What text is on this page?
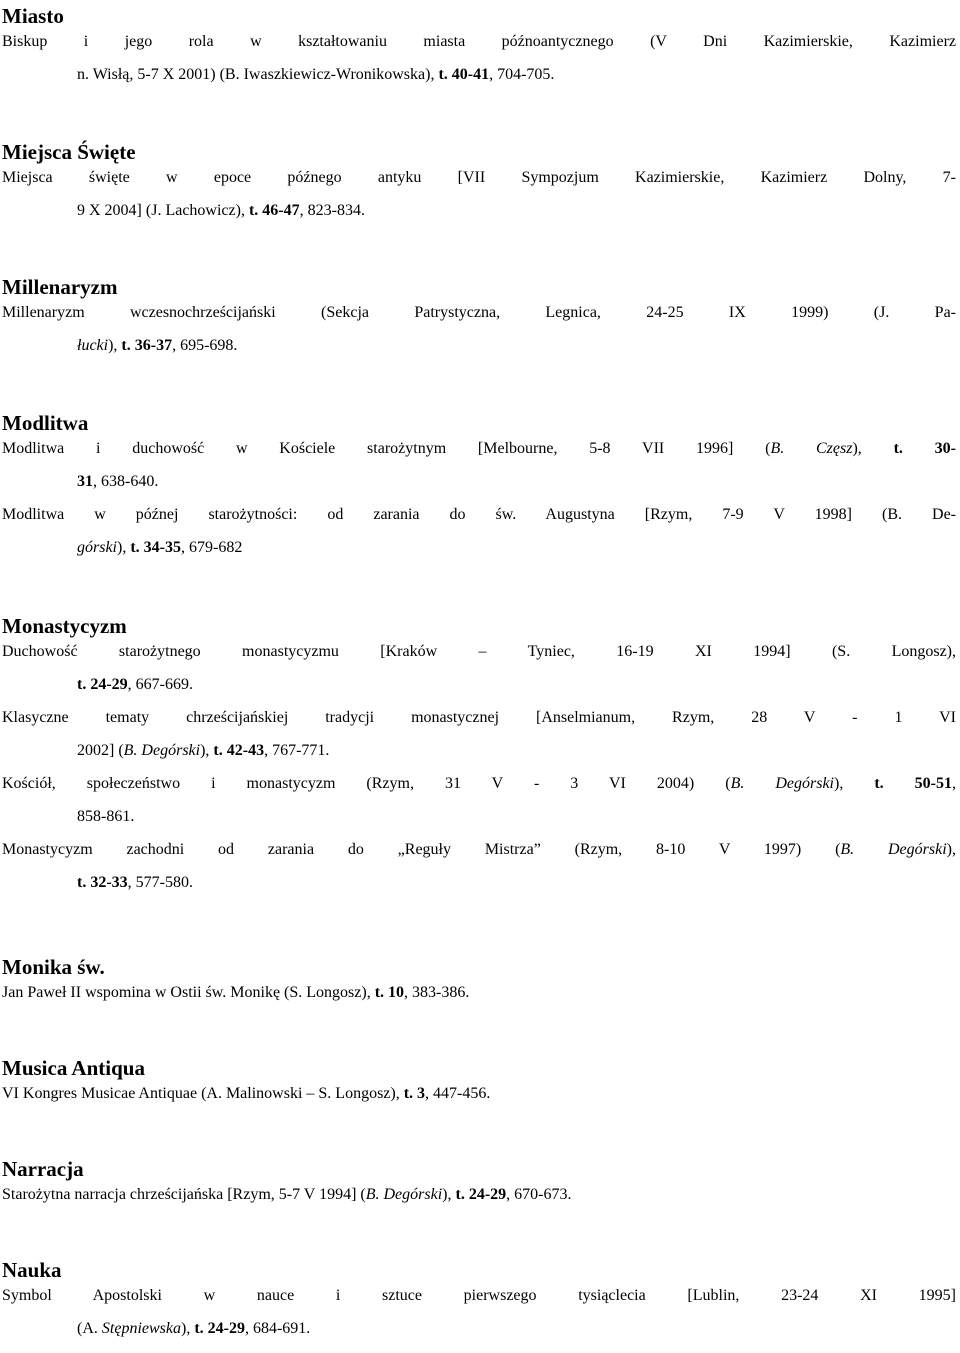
Miasto
Biskup i jego rola w kształtowaniu miasta późnoantycznego (V Dni Kazimierskie, Kazimierz
n. Wisłą, 5-7 X 2001) (B. Iwaszkiewicz-Wronikowska), t. 40-41, 704-705.
Miejsca Święte
Miejsca święte w epoce późnego antyku [VII Sympozjum Kazimierskie, Kazimierz Dolny, 7-
9 X 2004] (J. Lachowicz), t. 46-47, 823-834.
Millenaryzm
Millenaryzm wczesnochrześcijański (Sekcja Patrystyczna, Legnica, 24-25 IX 1999) (J. Pa-
łucki), t. 36-37, 695-698.
Modlitwa
Modlitwa i duchowość w Kościele starożytnym [Melbourne, 5-8 VII 1996] (B. Częsz), t. 30-
31, 638-640.
Modlitwa w późnej starożytności: od zarania do św. Augustyna [Rzym, 7-9 V 1998] (B. De-
górski), t. 34-35, 679-682
Monastycyzm
Duchowość starożytnego monastycyzmu [Kraków – Tyniec, 16-19 XI 1994] (S. Longosz),
t. 24-29, 667-669.
Klasyczne tematy chrześcijańskiej tradycji monastycznej [Anselmianum, Rzym, 28 V - 1 VI
2002] (B. Degórski), t. 42-43, 767-771.
Kościół, społeczeństwo i monastycyzm (Rzym, 31 V - 3 VI 2004) (B. Degórski), t. 50-51,
858-861.
Monastycyzm zachodni od zarania do „Reguły Mistrza” (Rzym, 8-10 V 1997) (B. Degórski),
t. 32-33, 577-580.
Monika św.
Jan Paweł II wspomina w Ostii św. Monikę (S. Longosz), t. 10, 383-386.
Musica Antiqua
VI Kongres Musicae Antiquae (A. Malinowski – S. Longosz), t. 3, 447-456.
Narracja
Starożytna narracja chrześcijańska [Rzym, 5-7 V 1994] (B. Degórski), t. 24-29, 670-673.
Nauka
Symbol Apostolski w nauce i sztuce pierwszego tysiąclecia [Lublin, 23-24 XI 1995]
(A. Stępniewska), t. 24-29, 684-691.
